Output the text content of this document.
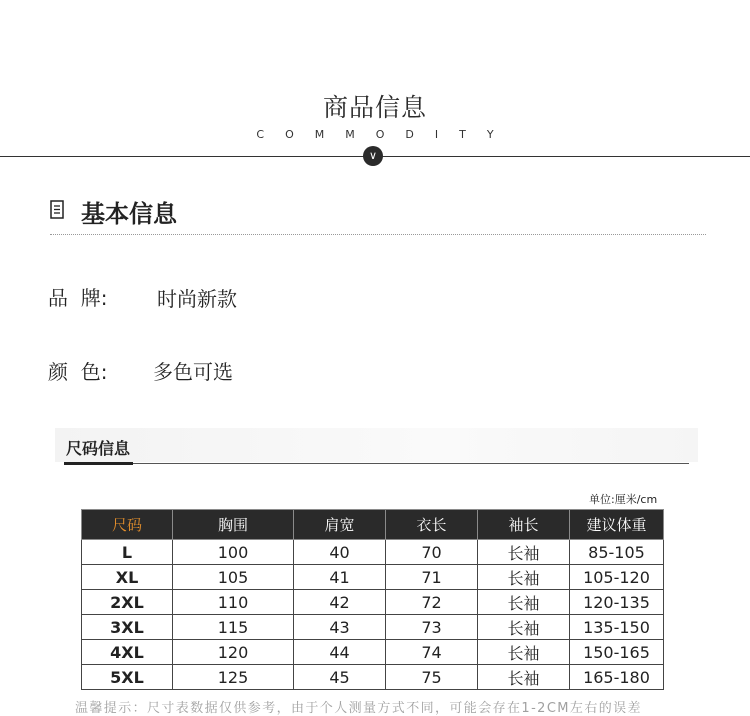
商品信息
COMMODITY
∨
基本信息
品  牌: 时尚新款
颜  色: 多色可选
尺码信息
单位:厘米/cm
尺码	胸围	肩宽	衣长	袖长	建议体重
L	100	40	70	长袖	85-105
XL	105	41	71	长袖	105-120
2XL	110	42	72	长袖	120-135
3XL	115	43	73	长袖	135-150
4XL	120	44	74	长袖	150-165
5XL	125	45	75	长袖	165-180
温馨提示：尺寸表数据仅供参考，由于个人测量方式不同，可能会存在1-2CM左右的误差
